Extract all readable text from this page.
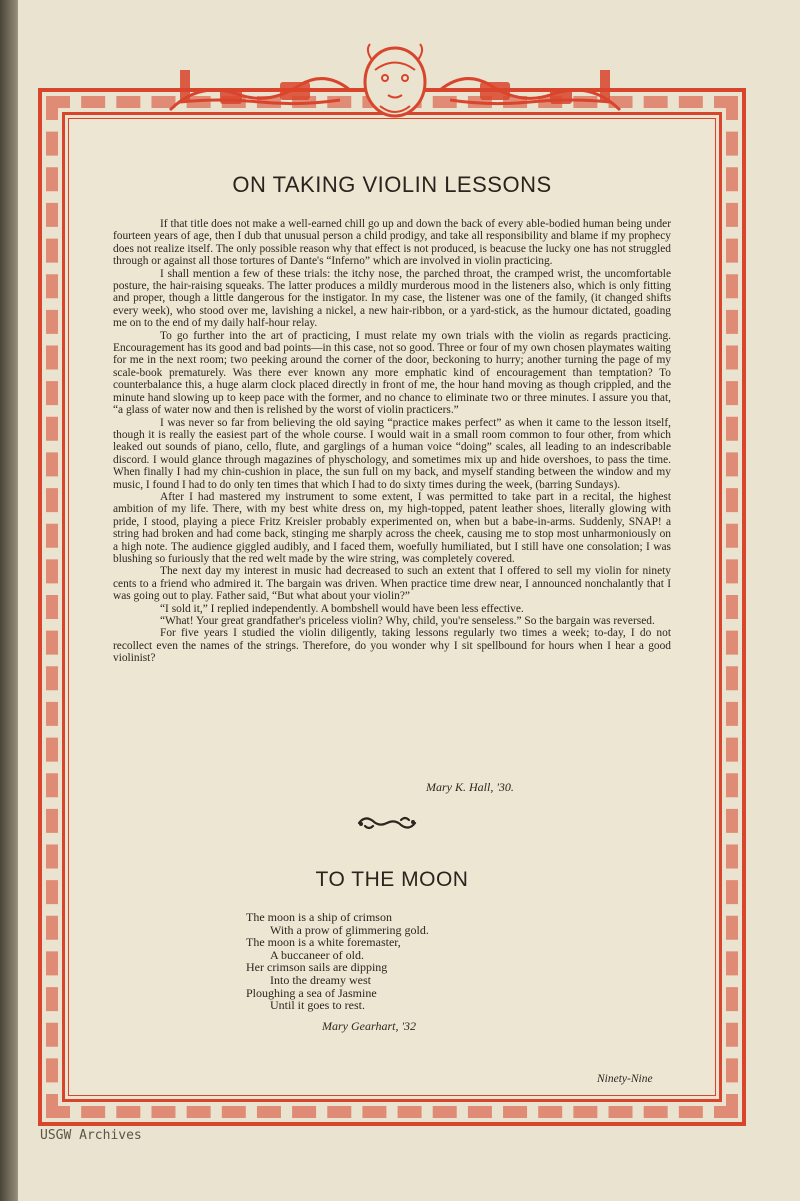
ON TAKING VIOLIN LESSONS

If that title does not make a well-earned chill go up and down the back of every able-bodied human being under fourteen years of age, then I dub that unusual person a child prodigy, and take all responsibility and blame if my prophecy does not realize itself. The only possible reason why that effect is not produced, is beacuse the lucky one has not struggled through or against all those tortures of Dante's “Inferno” which are involved in violin practicing.

I shall mention a few of these trials: the itchy nose, the parched throat, the cramped wrist, the uncomfortable posture, the hair-raising squeaks. The latter produces a mildly murderous mood in the listeners also, which is only fitting and proper, though a little dangerous for the instigator. In my case, the listener was one of the family, (it changed shifts every week), who stood over me, lavishing a nickel, a new hair-ribbon, or a yard-stick, as the humour dictated, goading me on to the end of my daily half-hour relay.

To go further into the art of practicing, I must relate my own trials with the violin as regards practicing. Encouragement has its good and bad points—in this case, not so good. Three or four of my own chosen playmates waiting for me in the next room; two peeking around the corner of the door, beckoning to hurry; another turning the page of my scale-book prematurely. Was there ever known any more emphatic kind of encouragement than temptation? To counterbalance this, a huge alarm clock placed directly in front of me, the hour hand moving as though crippled, and the minute hand slowing up to keep pace with the former, and no chance to eliminate two or three minutes. I assure you that, “a glass of water now and then is relished by the worst of violin practicers.”

I was never so far from believing the old saying “practice makes perfect” as when it came to the lesson itself, though it is really the easiest part of the whole course. I would wait in a small room common to four other, from which leaked out sounds of piano, cello, flute, and garglings of a human voice “doing” scales, all leading to an indescribable discord. I would glance through magazines of physchology, and sometimes mix up and hide overshoes, to pass the time. When finally I had my chin-cushion in place, the sun full on my back, and myself standing between the window and my music, I found I had to do only ten times that which I had to do sixty times during the week, (barring Sundays).

After I had mastered my instrument to some extent, I was permitted to take part in a recital, the highest ambition of my life. There, with my best white dress on, my high-topped, patent leather shoes, literally glowing with pride, I stood, playing a piece Fritz Kreisler probably experimented on, when but a babe-in-arms. Suddenly, SNAP! a string had broken and had come back, stinging me sharply across the cheek, causing me to stop most unharmoniously on a high note. The audience giggled audibly, and I faced them, woefully humiliated, but I still have one consolation; I was blushing so furiously that the red welt made by the wire string, was completely covered.

The next day my interest in music had decreased to such an extent that I offered to sell my violin for ninety cents to a friend who admired it. The bargain was driven. When practice time drew near, I announced nonchalantly that I was going out to play. Father said, “But what about your violin?”

“I sold it,” I replied independently. A bombshell would have been less effective.

“What! Your great grandfather's priceless violin? Why, child, you're senseless.” So the bargain was reversed.

For five years I studied the violin diligently, taking lessons regularly two times a week; to-day, I do not recollect even the names of the strings. Therefore, do you wonder why I sit spellbound for hours when I hear a good violinist?

Mary K. Hall, '30.
TO THE MOON
The moon is a ship of crimson
With a prow of glimmering gold.
The moon is a white foremaster,
A buccaneer of old.
Her crimson sails are dipping
Into the dreamy west
Ploughing a sea of Jasmine
Until it goes to rest.
Mary Gearhart, '32
Ninety-Nine
USGW Archives
